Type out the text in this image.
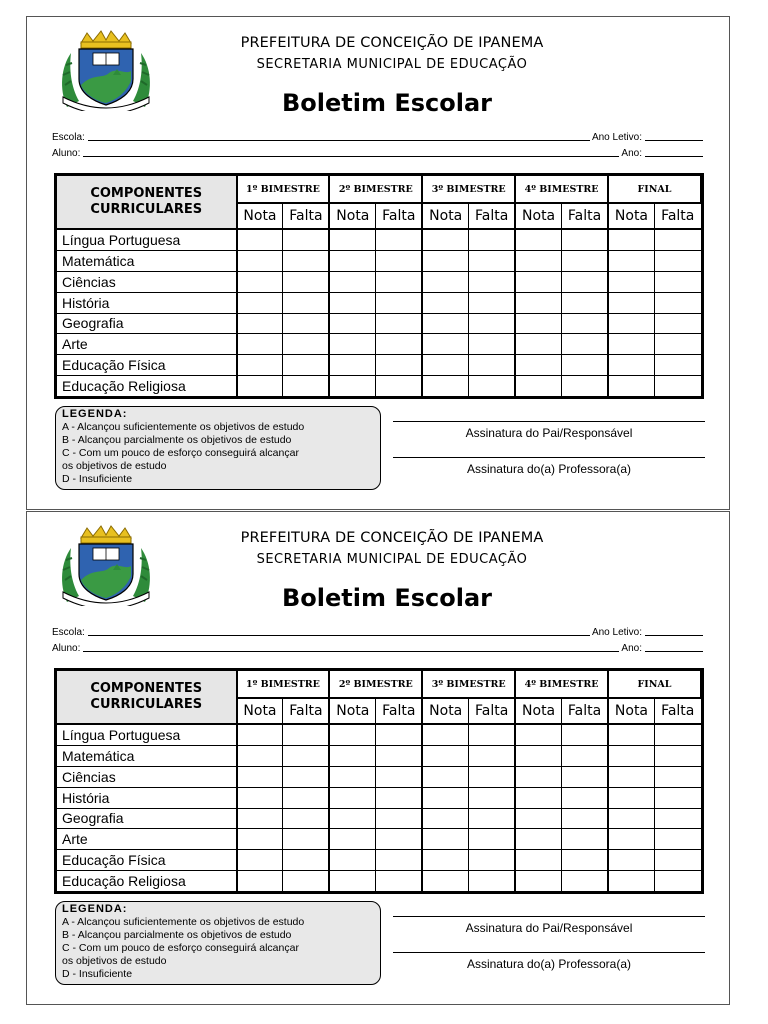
PREFEITURA DE CONCEIÇÃO DE IPANEMA
SECRETARIA MUNICIPAL DE EDUCAÇÃO
Boletim Escolar
Escola:	Ano Letivo:
Aluno:	Ano:
COMPONENTES
CURRICULARES	1º BIMESTRE		2º BIMESTRE		3º BIMESTRE		4º BIMESTRE		FINAL	
	Nota	Falta	Nota	Falta	Nota	Falta	Nota	Falta	Nota	Falta
Língua Portuguesa										
Matemática										
Ciências										
História										
Geografia										
Arte										
Educação Física										
Educação Religiosa										
LEGENDA:
A - Alcançou suficientemente os objetivos de estudo
B - Alcançou parcialmente os objetivos de estudo
C - Com um pouco de esforço conseguirá alcançar
os objetivos de estudo
D - Insuficiente
Assinatura do Pai/Responsável
Assinatura do(a) Professora(a)
PREFEITURA DE CONCEIÇÃO DE IPANEMA
SECRETARIA MUNICIPAL DE EDUCAÇÃO
Boletim Escolar
Escola:	Ano Letivo:
Aluno:	Ano:
COMPONENTES
CURRICULARES	1º BIMESTRE		2º BIMESTRE		3º BIMESTRE		4º BIMESTRE		FINAL	
	Nota	Falta	Nota	Falta	Nota	Falta	Nota	Falta	Nota	Falta
Língua Portuguesa										
Matemática										
Ciências										
História										
Geografia										
Arte										
Educação Física										
Educação Religiosa										
LEGENDA:
A - Alcançou suficientemente os objetivos de estudo
B - Alcançou parcialmente os objetivos de estudo
C - Com um pouco de esforço conseguirá alcançar
os objetivos de estudo
D - Insuficiente
Assinatura do Pai/Responsável
Assinatura do(a) Professora(a)
